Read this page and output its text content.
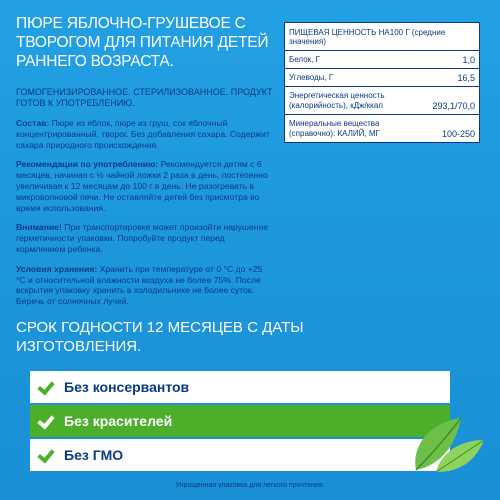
ПЮРЕ ЯБЛОЧНО-ГРУШЕВОЕ С ТВОРОГОМ ДЛЯ ПИТАНИЯ ДЕТЕЙ РАННЕГО ВОЗРАСТА.
ГОМОГЕНИЗИРОВАННОЕ. СТЕРИЛИЗОВАННОЕ. ПРОДУКТ ГОТОВ К УПОТРЕБЛЕНИЮ.
Состав: Пюре из яблок, пюре из груш, сок яблочный концентрированный, творог. Без добавления сахара. Содержит сахара природного происхождения.
Рекомендации по употреблению: Рекомендуется детям с 6 месяцев, начиная с ½ чайной ложки 2 раза в день, постепенно увеличивая к 12 месяцам до 100 г в день. Не разогревать в микроволновой печи. Не оставляйте детей без присмотра во время использования.
Внимание! При транспортировке может произойти нарушение герметичности упаковки. Попробуйте продукт перед кормлением ребенка.
Условия хранения: Хранить при температуре от 0 °С до +25 °С и относительной влажности воздуха не более 75%. После вскрытия упаковку хранить в холодильнике не более суток. Беречь от солнечных лучей.
СРОК ГОДНОСТИ 12 МЕСЯЦЕВ С ДАТЫ ИЗГОТОВЛЕНИЯ.
ПИЩЕВАЯ ЦЕННОСТЬ НА100 Г (средние значения)
Белок, Г	1,0
Углеводы, Г	16,5
Энергетическая ценность (калорийность), кДж/ккал	293,1/70,0
Минеральные вещества (справочно): КАЛИЙ, МГ	100-250
Без консервантов
Без красителей
Без ГМО
Упрощенная упаковка для легкого прочтения.
